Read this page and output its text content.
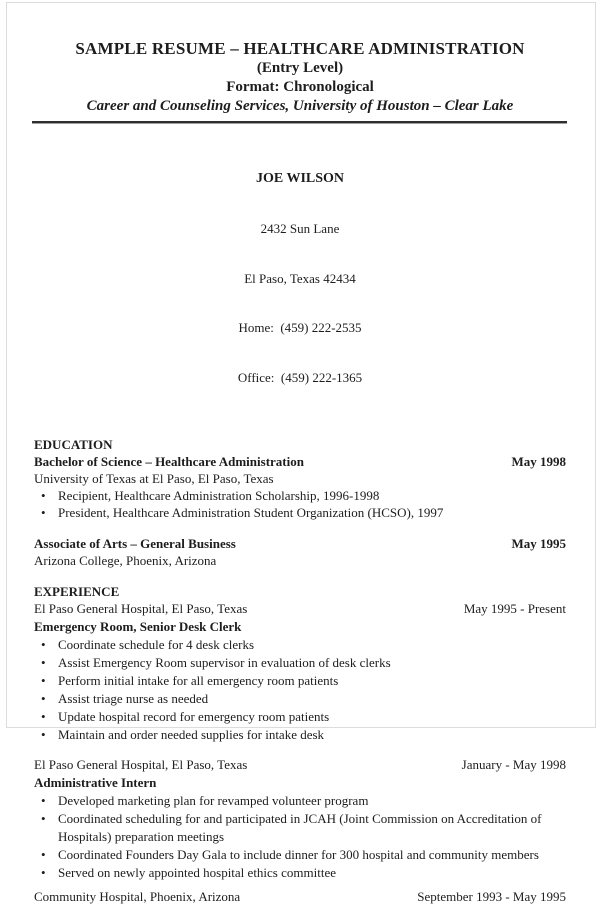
SAMPLE RESUME – HEALTHCARE ADMINISTRATION
(Entry Level)
Format: Chronological
Career and Counseling Services, University of Houston – Clear Lake

JOE WILSON

2432 Sun Lane

El Paso, Texas 42434

Home:  (459) 222-2535

Office:  (459) 222-1365

EDUCATION
Bachelor of Science – Healthcare Administration	May 1998
University of Texas at El Paso, El Paso, Texas
• Recipient, Healthcare Administration Scholarship, 1996-1998
• President, Healthcare Administration Student Organization (HCSO), 1997
Associate of Arts – General Business	May 1995
Arizona College, Phoenix, Arizona
EXPERIENCE
El Paso General Hospital, El Paso, Texas	May 1995 - Present
Emergency Room, Senior Desk Clerk
• Coordinate schedule for 4 desk clerks
• Assist Emergency Room supervisor in evaluation of desk clerks
• Perform initial intake for all emergency room patients
• Assist triage nurse as needed
• Update hospital record for emergency room patients
• Maintain and order needed supplies for intake desk
El Paso General Hospital, El Paso, Texas	January - May 1998
Administrative Intern
• Developed marketing plan for revamped volunteer program
• Coordinated scheduling for and participated in JCAH (Joint Commission on Accreditation of Hospitals) preparation meetings
• Coordinated Founders Day Gala to include dinner for 300 hospital and community members
• Served on newly appointed hospital ethics committee
Community Hospital, Phoenix, Arizona	September 1993 - May 1995
